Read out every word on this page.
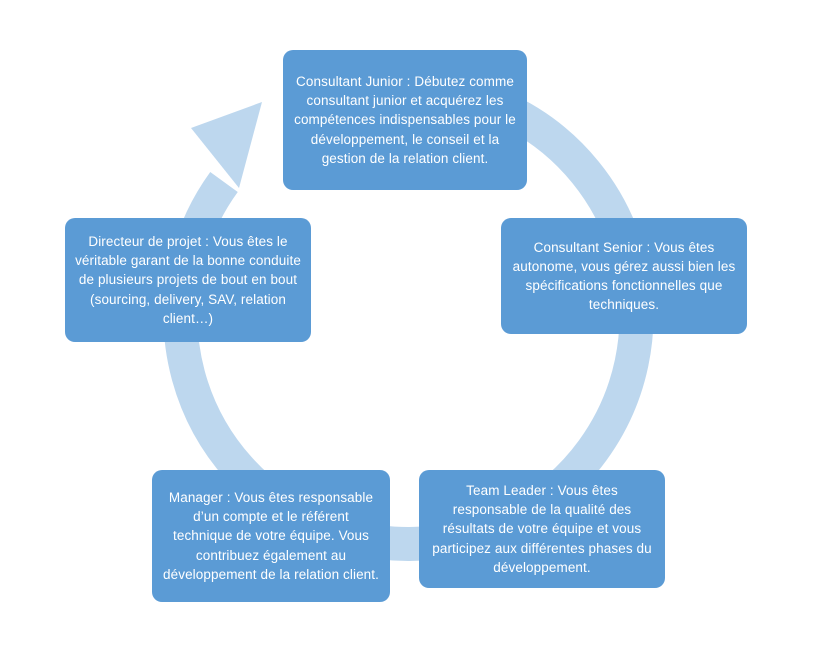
Consultant Junior : Débutez comme consultant junior et acquérez les compétences indispensables pour le développement, le conseil et la gestion de la relation client.
Consultant Senior : Vous êtes autonome, vous gérez aussi bien les spécifications fonctionnelles que techniques.
Team Leader : Vous êtes responsable de la qualité des résultats de votre équipe et vous participez aux différentes phases du développement.
Manager : Vous êtes responsable d’un compte et le référent technique de votre équipe. Vous contribuez également au développement de la relation client.
Directeur de projet : Vous êtes le véritable garant de la bonne conduite de plusieurs projets de bout en bout (sourcing, delivery, SAV, relation client…)
